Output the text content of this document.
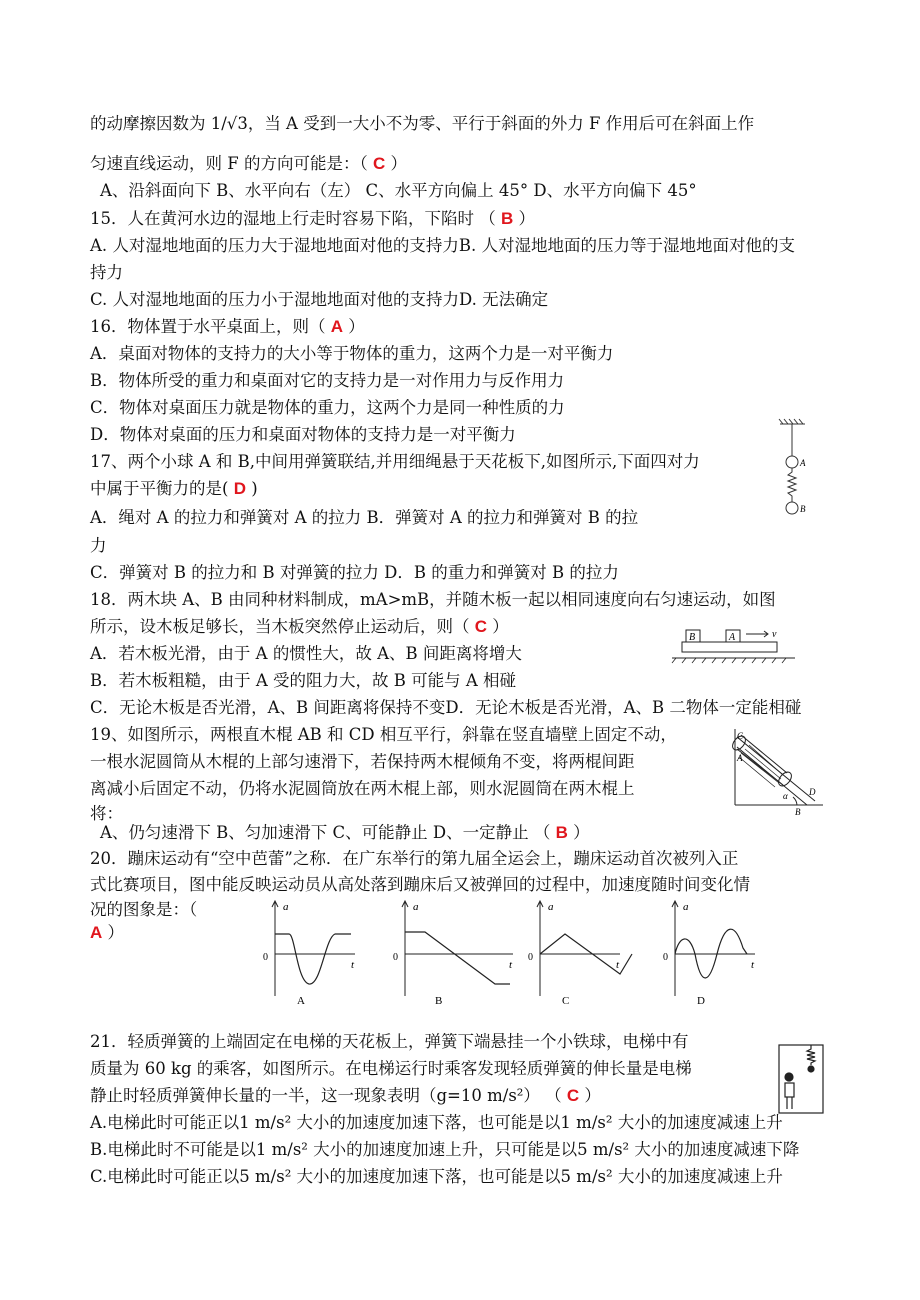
的动摩擦因数为 1/√3，当 A 受到一大小不为零、平行于斜面的外力 F 作用后可在斜面上作
匀速直线运动，则 F 的方向可能是：（ C ）
A、沿斜面向下 B、水平向右（左） C、水平方向偏上 45° D、水平方向偏下 45°
15．人在黄河水边的湿地上行走时容易下陷，下陷时 （ B ）
A. 人对湿地地面的压力大于湿地地面对他的支持力B. 人对湿地地面的压力等于湿地地面对他的支
持力
C. 人对湿地地面的压力小于湿地地面对他的支持力D. 无法确定
16．物体置于水平桌面上，则（ A ）
A．桌面对物体的支持力的大小等于物体的重力，这两个力是一对平衡力
B．物体所受的重力和桌面对它的支持力是一对作用力与反作用力
C．物体对桌面压力就是物体的重力，这两个力是同一种性质的力
D．物体对桌面的压力和桌面对物体的支持力是一对平衡力
17、两个小球 A 和 B,中间用弹簧联结,并用细绳悬于天花板下,如图所示,下面四对力
中属于平衡力的是( D )
A．绳对 A 的拉力和弹簧对 A 的拉力 B．弹簧对 A 的拉力和弹簧对 B 的拉
力
C．弹簧对 B 的拉力和 B 对弹簧的拉力 D．B 的重力和弹簧对 B 的拉力
18．两木块 A、B 由同种材料制成，mA>mB，并随木板一起以相同速度向右匀速运动，如图
所示，设木板足够长，当木板突然停止运动后，则（ C ）
A．若木板光滑，由于 A 的惯性大，故 A、B 间距离将增大
B．若木板粗糙，由于 A 受的阻力大，故 B 可能与 A 相碰
C．无论木板是否光滑，A、B 间距离将保持不变D．无论木板是否光滑，A、B 二物体一定能相碰
19、如图所示，两根直木棍 AB 和 CD 相互平行，斜靠在竖直墙壁上固定不动，
一根水泥圆筒从木棍的上部匀速滑下，若保持两木棍倾角不变，将两棍间距
离减小后固定不动，仍将水泥圆筒放在两木棍上部，则水泥圆筒在两木棍上
将：
A、仍匀速滑下 B、匀加速滑下 C、可能静止 D、一定静止 （ B ）
20．蹦床运动有“空中芭蕾”之称．在广东举行的第九届全运会上，蹦床运动首次被列入正
式比赛项目，图中能反映运动员从高处落到蹦床后又被弹回的过程中，加速度随时间变化情
况的图象是：（
A ）
21．轻质弹簧的上端固定在电梯的天花板上，弹簧下端悬挂一个小铁球，电梯中有
质量为 60 kg 的乘客，如图所示。在电梯运行时乘客发现轻质弹簧的伸长量是电梯
静止时轻质弹簧伸长量的一半，这一现象表明（g=10 m/s²） （ C ）
A.电梯此时可能正以1 m/s² 大小的加速度加速下落，也可能是以1 m/s² 大小的加速度减速上升
B.电梯此时不可能是以1 m/s² 大小的加速度加速上升，只可能是以5 m/s² 大小的加速度减速下降
C.电梯此时可能正以5 m/s² 大小的加速度加速下落，也可能是以5 m/s² 大小的加速度减速上升
A
B
B	A	v
C
A
D
B
α
a
t
0
A
a
t
0
B
a
t
0
C
a
t
0
D
